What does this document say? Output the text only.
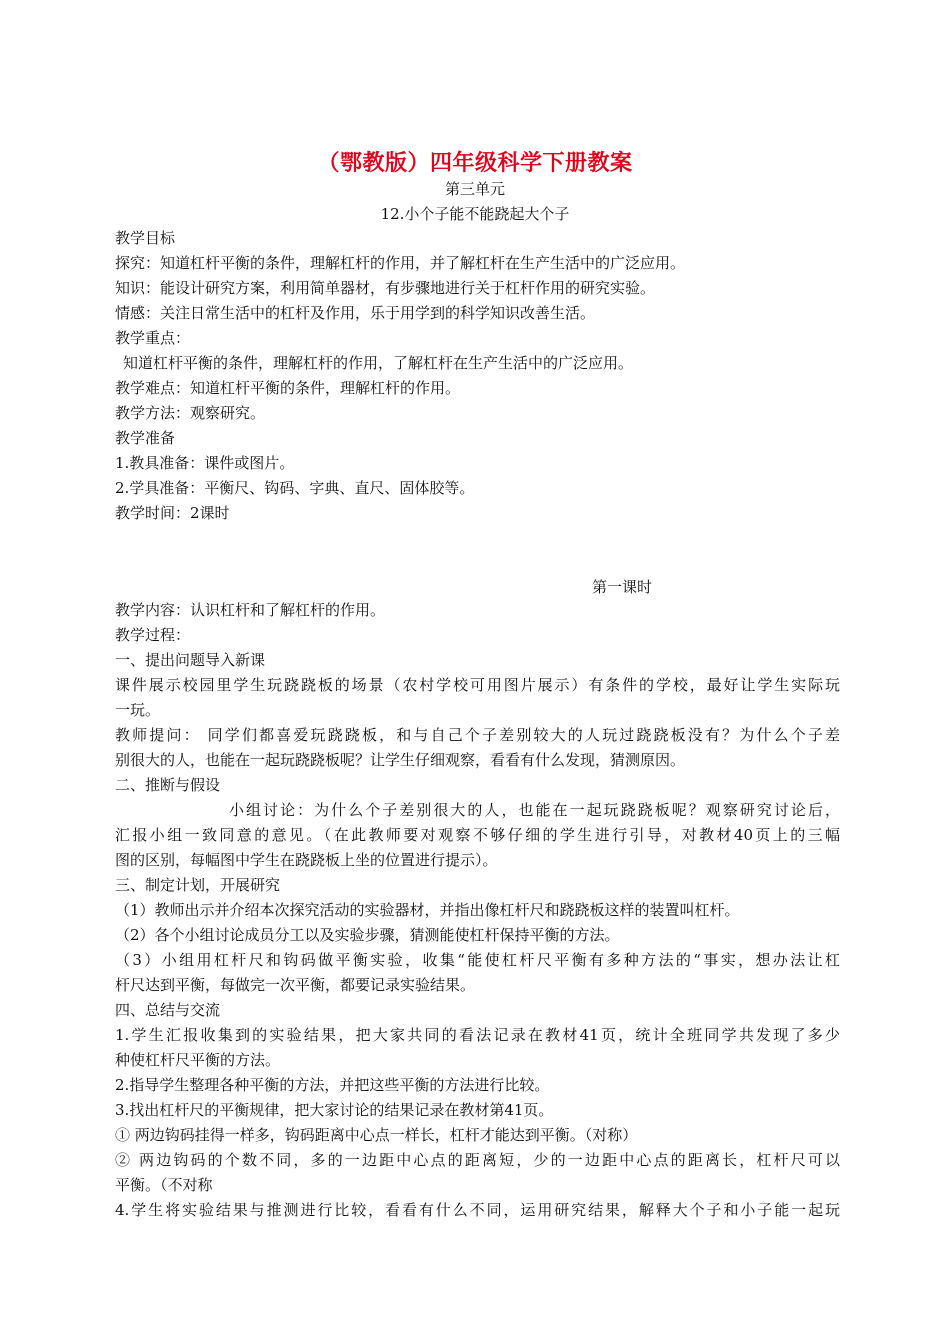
（鄂教版）四年级科学下册教案
第三单元
12.小个子能不能跷起大个子
教学目标
探究：知道杠杆平衡的条件，理解杠杆的作用，并了解杠杆在生产生活中的广泛应用。
知识：能设计研究方案，利用简单器材，有步骤地进行关于杠杆作用的研究实验。
情感：关注日常生活中的杠杆及作用，乐于用学到的科学知识改善生活。
教学重点：
知道杠杆平衡的条件，理解杠杆的作用，了解杠杆在生产生活中的广泛应用。
教学难点：知道杠杆平衡的条件，理解杠杆的作用。
教学方法：观察研究。
教学准备
1.教具准备：课件或图片。
2.学具准备：平衡尺、钩码、字典、直尺、固体胶等。
教学时间：2课时
第一课时
教学内容：认识杠杆和了解杠杆的作用。
教学过程：
一、提出问题导入新课
课件展示校园里学生玩跷跷板的场景（农村学校可用图片展示）有条件的学校，最好让学生实际玩
一玩。
教师提问： 同学们都喜爱玩跷跷板，和与自己个子差别较大的人玩过跷跷板没有？为什么个子差
别很大的人，也能在一起玩跷跷板呢？让学生仔细观察，看看有什么发现，猜测原因。
二、推断与假设
小组讨论：为什么个子差别很大的人，也能在一起玩跷跷板呢？观察研究讨论后，
汇报小组一致同意的意见。（在此教师要对观察不够仔细的学生进行引导，对教材40页上的三幅
图的区别，每幅图中学生在跷跷板上坐的位置进行提示）。
三、制定计划，开展研究
（1）教师出示并介绍本次探究活动的实验器材，并指出像杠杆尺和跷跷板这样的装置叫杠杆。
（2）各个小组讨论成员分工以及实验步骤，猜测能使杠杆保持平衡的方法。
（3）小组用杠杆尺和钩码做平衡实验，收集“能使杠杆尺平衡有多种方法的“事实，想办法让杠
杆尺达到平衡，每做完一次平衡，都要记录实验结果。
四、总结与交流
1.学生汇报收集到的实验结果，把大家共同的看法记录在教材41页，统计全班同学共发现了多少
种使杠杆尺平衡的方法。
2.指导学生整理各种平衡的方法，并把这些平衡的方法进行比较。
3.找出杠杆尺的平衡规律，把大家讨论的结果记录在教材第41页。
① 两边钩码挂得一样多，钩码距离中心点一样长，杠杆才能达到平衡。（对称）
② 两边钩码的个数不同，多的一边距中心点的距离短，少的一边距中心点的距离长，杠杆尺可以
平衡。（不对称
4.学生将实验结果与推测进行比较，看看有什么不同，运用研究结果，解释大个子和小子能一起玩
